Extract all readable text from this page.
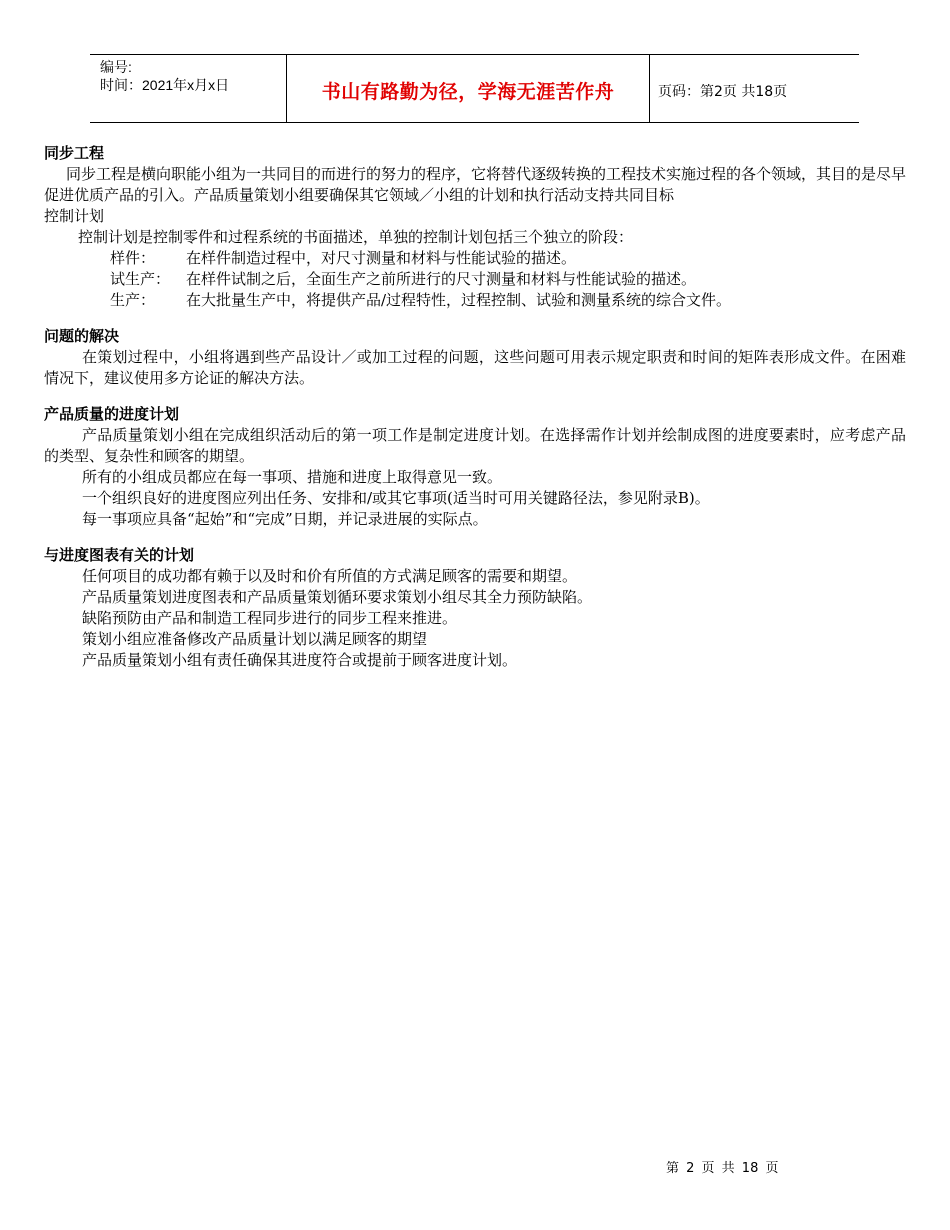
编号:
时间：2021年x月x日	书山有路勤为径，学海无涯苦作舟	页码：第2页 共18页

同步工程

同步工程是横向职能小组为一共同目的而进行的努力的程序，它将替代逐级转换的工程技术实施过程的各个领域，其目的是尽早促进优质产品的引入。产品质量策划小组要确保其它领域／小组的计划和执行活动支持共同目标

控制计划

控制计划是控制零件和过程系统的书面描述，单独的控制计划包括三个独立的阶段：

样件：	在样件制造过程中，对尺寸测量和材料与性能试验的描述。
试生产：	在样件试制之后，全面生产之前所进行的尺寸测量和材料与性能试验的描述。
生产：	在大批量生产中，将提供产品/过程特性，过程控制、试验和测量系统的综合文件。

问题的解决

在策划过程中，小组将遇到些产品设计／或加工过程的问题，这些问题可用表示规定职责和时间的矩阵表形成文件。在困难情况下，建议使用多方论证的解决方法。

产品质量的进度计划

产品质量策划小组在完成组织活动后的第一项工作是制定进度计划。在选择需作计划并绘制成图的进度要素时，应考虑产品的类型、复杂性和顾客的期望。

所有的小组成员都应在每一事项、措施和进度上取得意见一致。

一个组织良好的进度图应列出任务、安排和/或其它事项(适当时可用关键路径法，参见附录B)。

每一事项应具备“起始”和“完成”日期，并记录进展的实际点。

与进度图表有关的计划

任何项目的成功都有赖于以及时和价有所值的方式满足顾客的需要和期望。

产品质量策划进度图表和产品质量策划循环要求策划小组尽其全力预防缺陷。

缺陷预防由产品和制造工程同步进行的同步工程来推进。

策划小组应准备修改产品质量计划以满足顾客的期望

产品质量策划小组有责任确保其进度符合或提前于顾客进度计划。

第 2 页 共 18 页
